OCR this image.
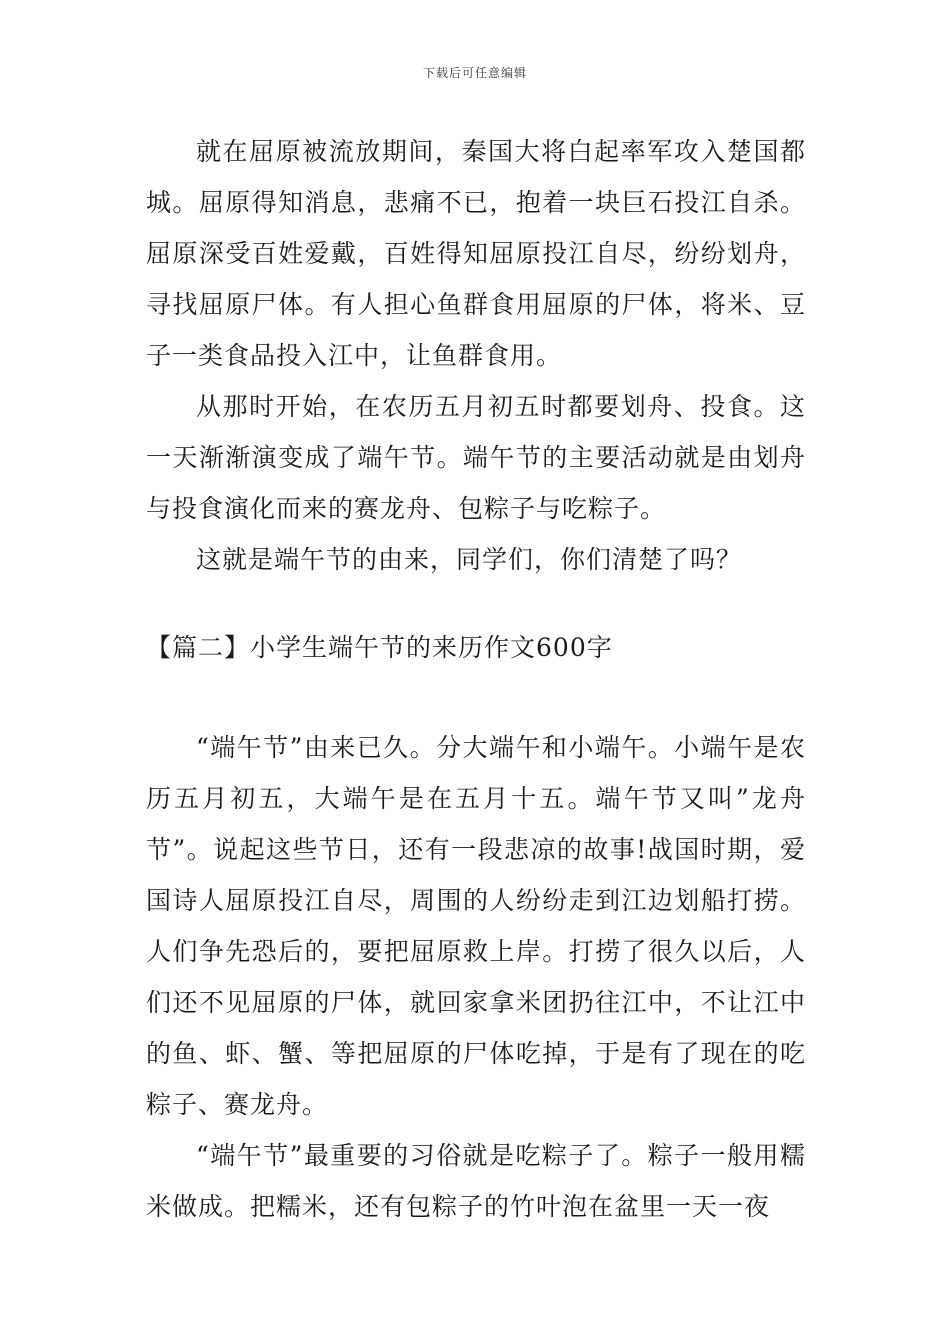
下载后可任意编辑

就在屈原被流放期间，秦国大将白起率军攻入楚国都城。屈原得知消息，悲痛不已，抱着一块巨石投江自杀。屈原深受百姓爱戴，百姓得知屈原投江自尽，纷纷划舟，寻找屈原尸体。有人担心鱼群食用屈原的尸体，将米、豆子一类食品投入江中，让鱼群食用。

从那时开始，在农历五月初五时都要划舟、投食。这一天渐渐演变成了端午节。端午节的主要活动就是由划舟与投食演化而来的赛龙舟、包粽子与吃粽子。

这就是端午节的由来，同学们，你们清楚了吗？

【篇二】小学生端午节的来历作文600字

“端午节”由来已久。分大端午和小端午。小端午是农历五月初五，大端午是在五月十五。端午节又叫”龙舟节”。说起这些节日，还有一段悲凉的故事!战国时期，爱国诗人屈原投江自尽，周围的人纷纷走到江边划船打捞。人们争先恐后的，要把屈原救上岸。打捞了很久以后，人们还不见屈原的尸体，就回家拿米团扔往江中，不让江中的鱼、虾、蟹、等把屈原的尸体吃掉，于是有了现在的吃粽子、赛龙舟。

“端午节”最重要的习俗就是吃粽子了。粽子一般用糯米做成。把糯米，还有包粽子的竹叶泡在盆里一天一夜
